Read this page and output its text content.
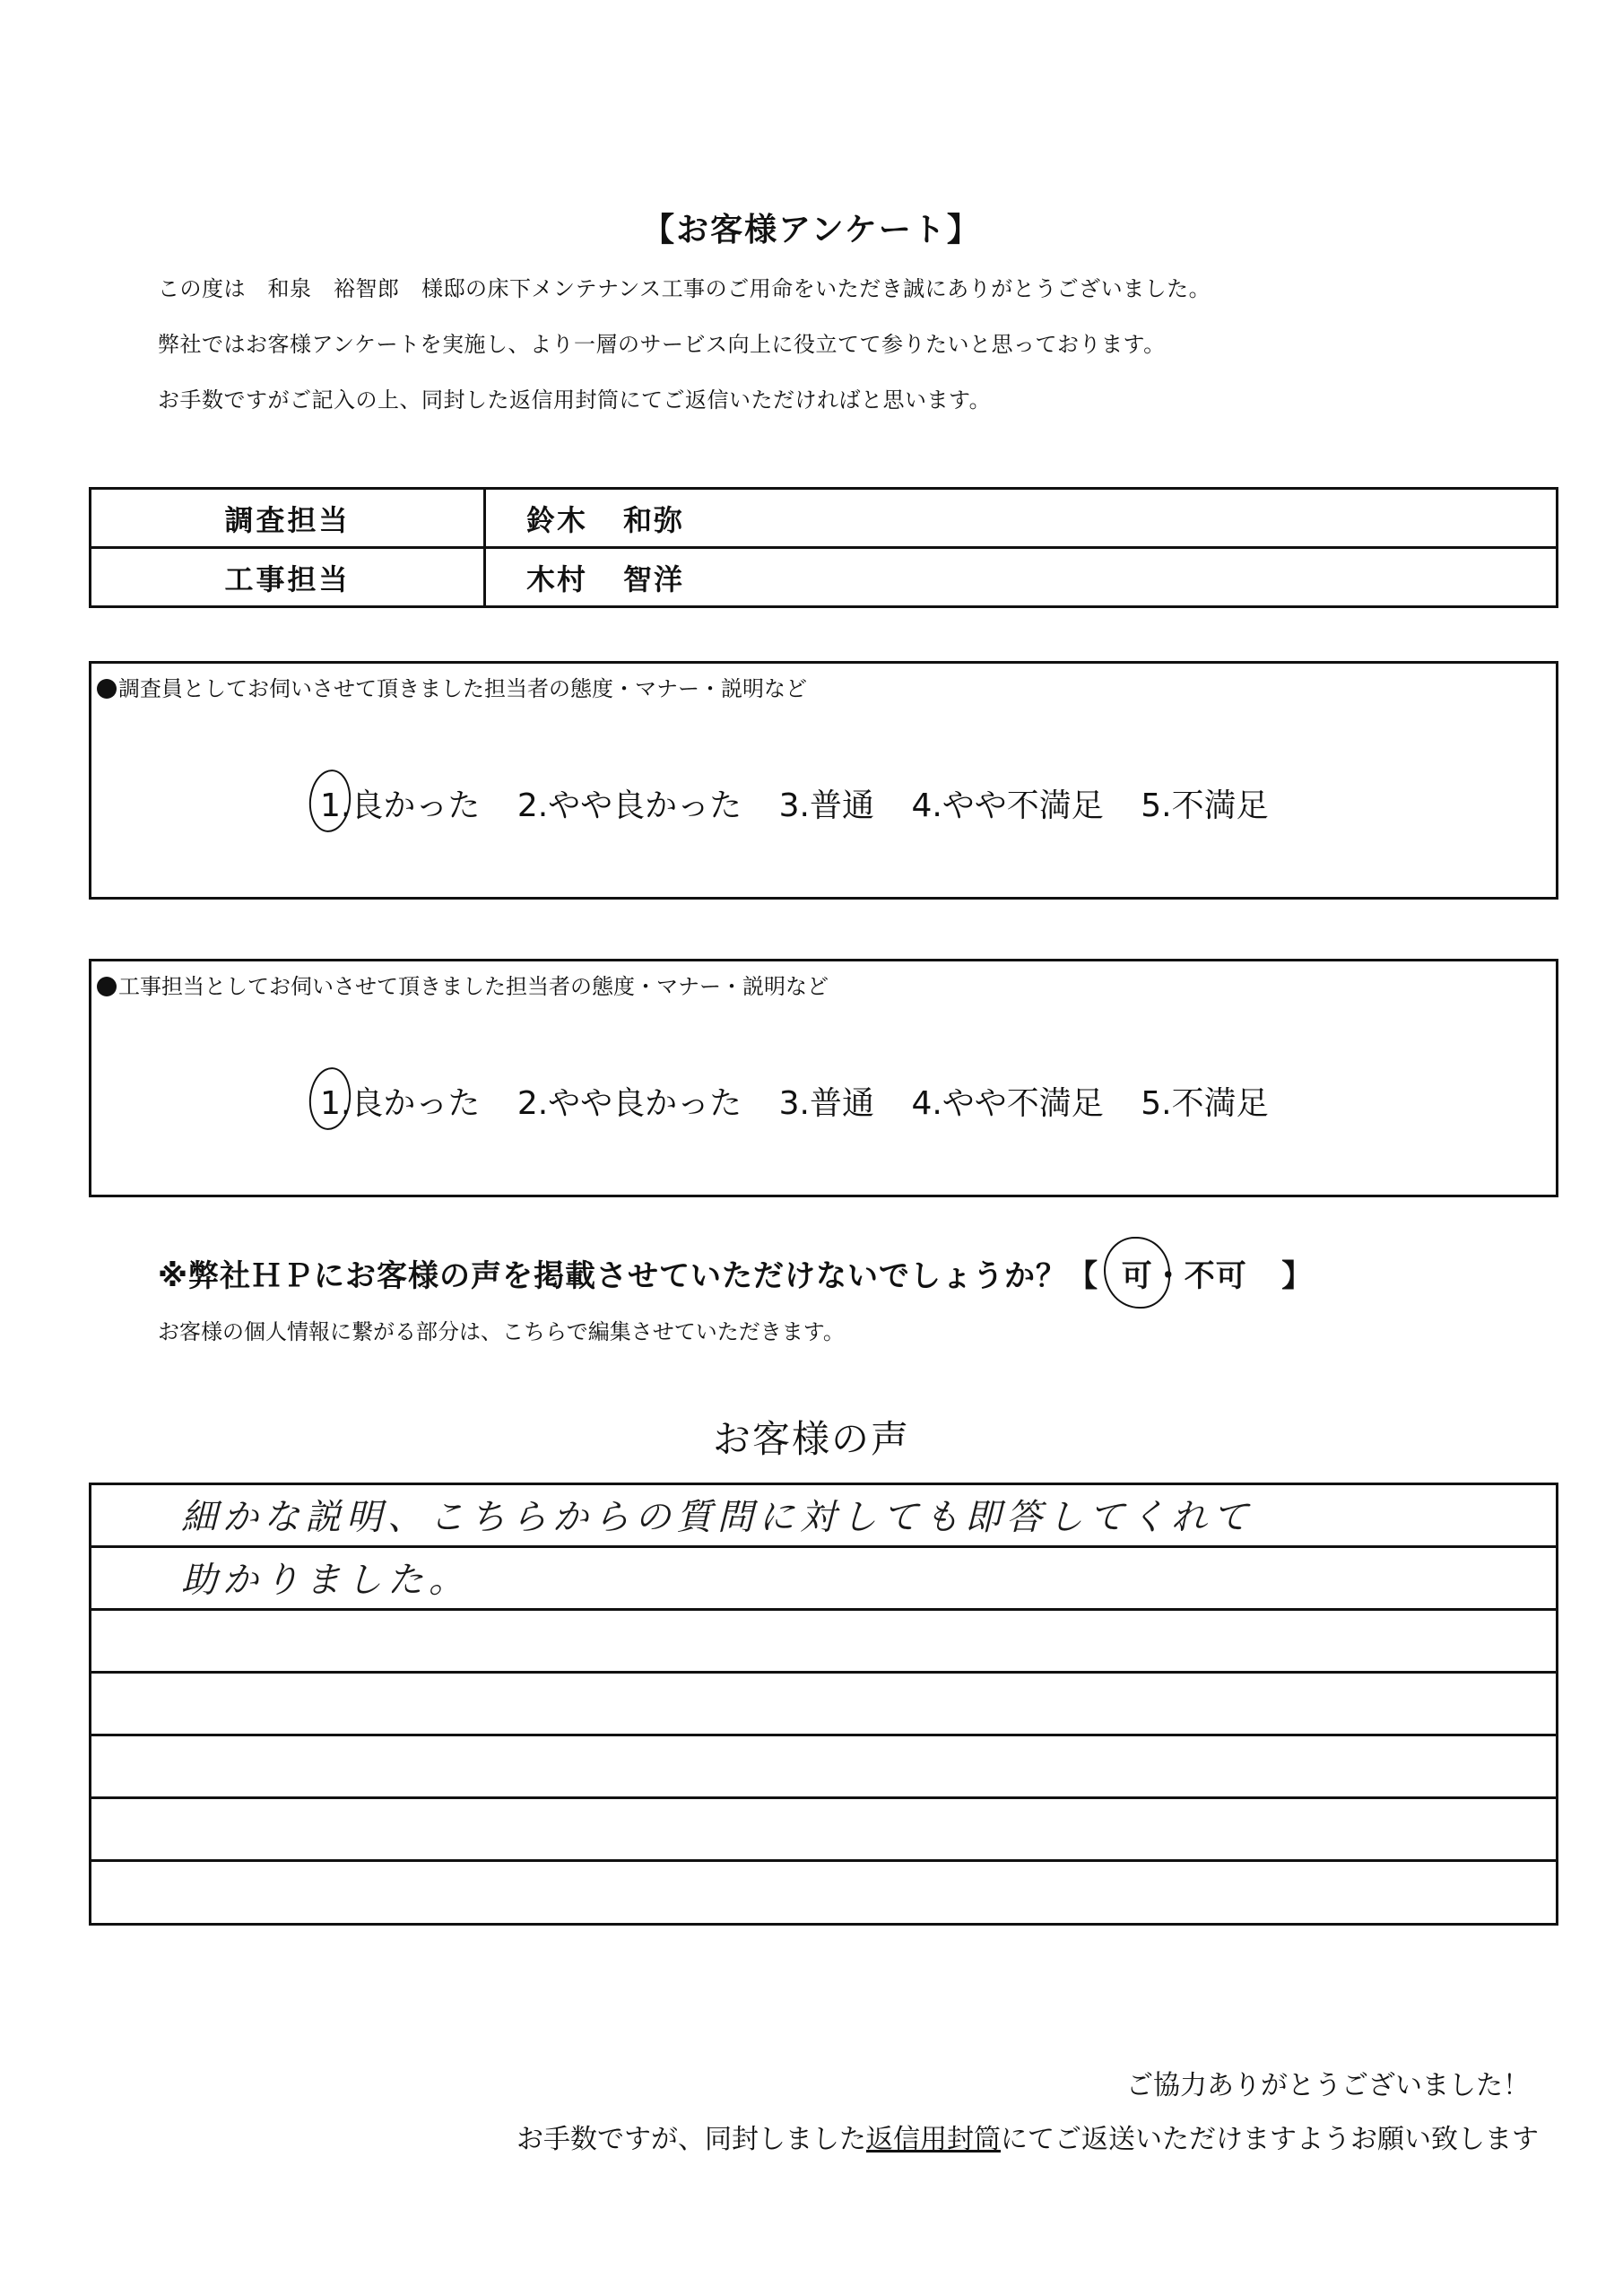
【お客様アンケート】
この度は　和泉　裕智郎　様邸の床下メンテナンス工事のご用命をいただき誠にありがとうございました。
弊社ではお客様アンケートを実施し、より一層のサービス向上に役立てて参りたいと思っております。
お手数ですがご記入の上、同封した返信用封筒にてご返信いただければと思います。
調査担当	鈴木 和弥
工事担当	木村 智洋
調査員としてお伺いさせて頂きました担当者の態度・マナー・説明など
1.良かった 2.やや良かった 3.普通 4.やや不満足 5.不満足
工事担当としてお伺いさせて頂きました担当者の態度・マナー・説明など
1.良かった 2.やや良かった 3.普通 4.やや不満足 5.不満足
※弊社ＨＰにお客様の声を掲載させていただけないでしょうか？【 可・不可 】
お客様の個人情報に繋がる部分は、こちらで編集させていただきます。
お客様の声
細かな説明、こちらからの質問に対しても即答してくれて
助かりました。
ご協力ありがとうございました！
お手数ですが、同封しました返信用封筒にてご返送いただけますようお願い致します
